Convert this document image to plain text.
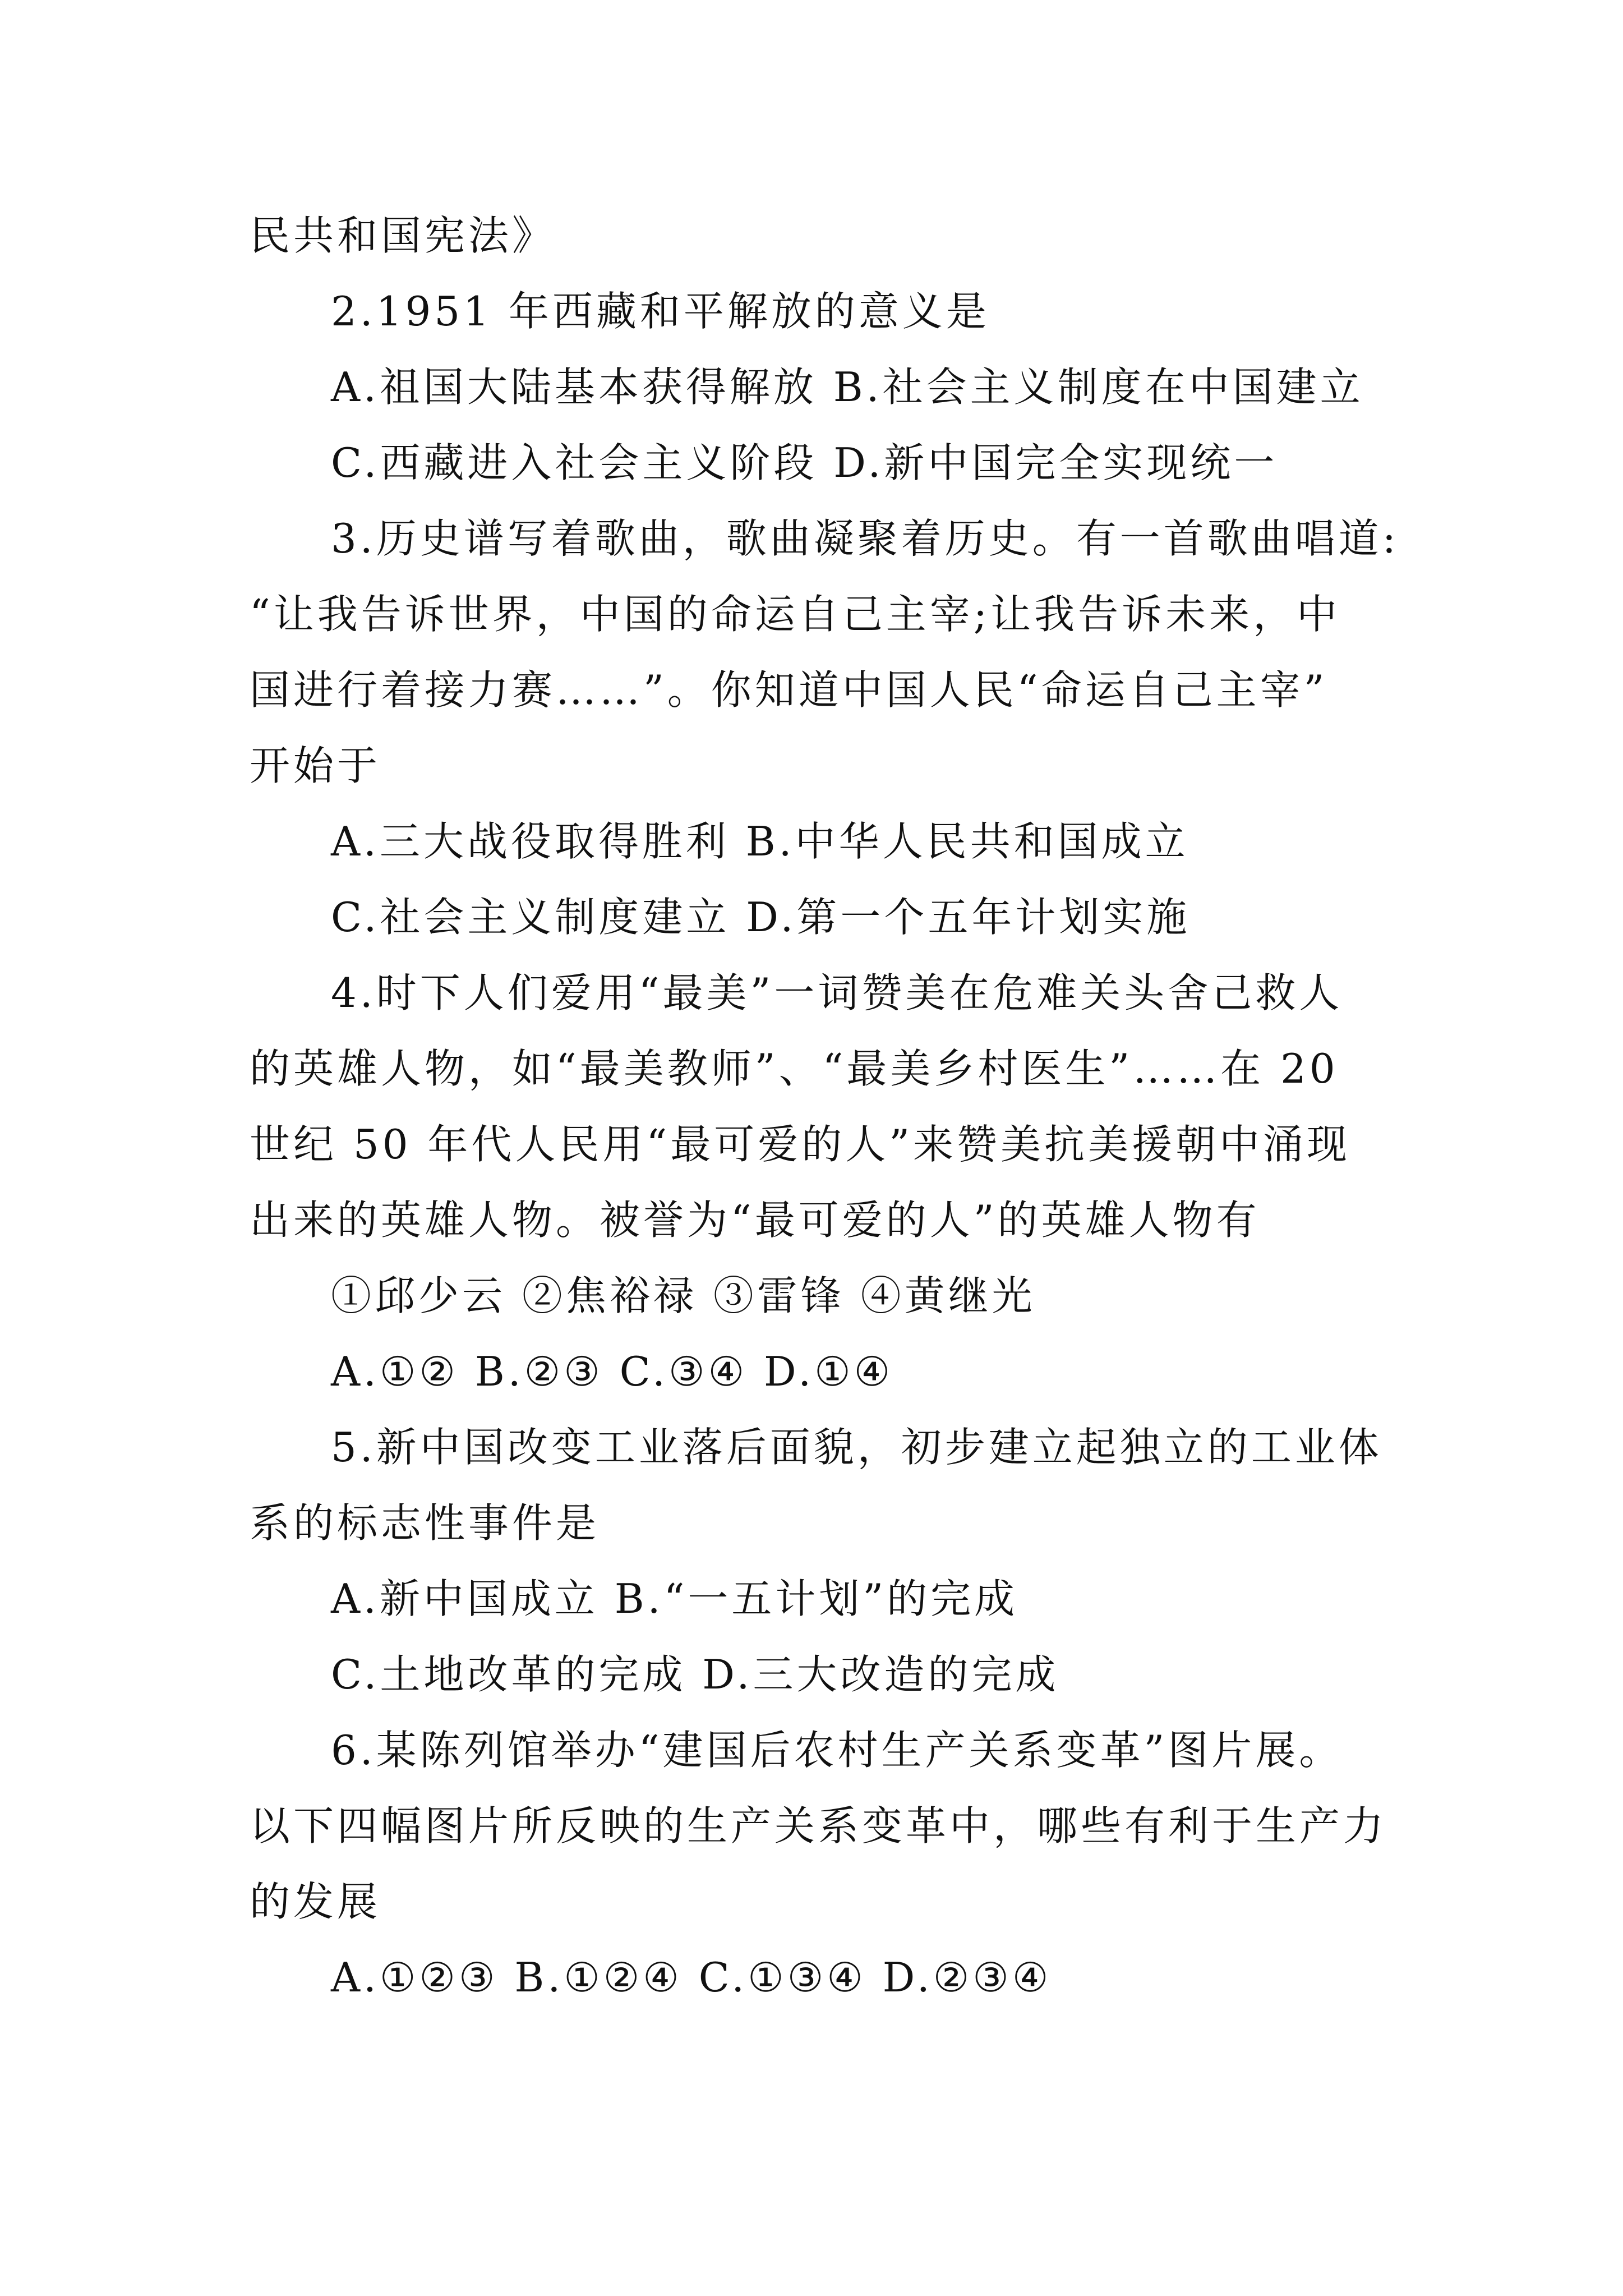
民共和国宪法》
2.1951 年西藏和平解放的意义是
A.祖国大陆基本获得解放 B.社会主义制度在中国建立
C.西藏进入社会主义阶段 D.新中国完全实现统一
3.历史谱写着歌曲，歌曲凝聚着历史。有一首歌曲唱道:
“让我告诉世界，中国的命运自己主宰;让我告诉未来，中
国进行着接力赛……”。你知道中国人民“命运自己主宰”
开始于
A.三大战役取得胜利 B.中华人民共和国成立
C.社会主义制度建立 D.第一个五年计划实施
4.时下人们爱用“最美”一词赞美在危难关头舍己救人
的英雄人物，如“最美教师”、“最美乡村医生”……在 20
世纪 50 年代人民用“最可爱的人”来赞美抗美援朝中涌现
出来的英雄人物。被誉为“最可爱的人”的英雄人物有
①邱少云 ②焦裕禄 ③雷锋 ④黄继光
A.①② B.②③ C.③④ D.①④
5.新中国改变工业落后面貌，初步建立起独立的工业体
系的标志性事件是
A.新中国成立 B.“一五计划”的完成
C.土地改革的完成 D.三大改造的完成
6.某陈列馆举办“建国后农村生产关系变革”图片展。
以下四幅图片所反映的生产关系变革中，哪些有利于生产力
的发展
A.①②③ B.①②④ C.①③④ D.②③④
